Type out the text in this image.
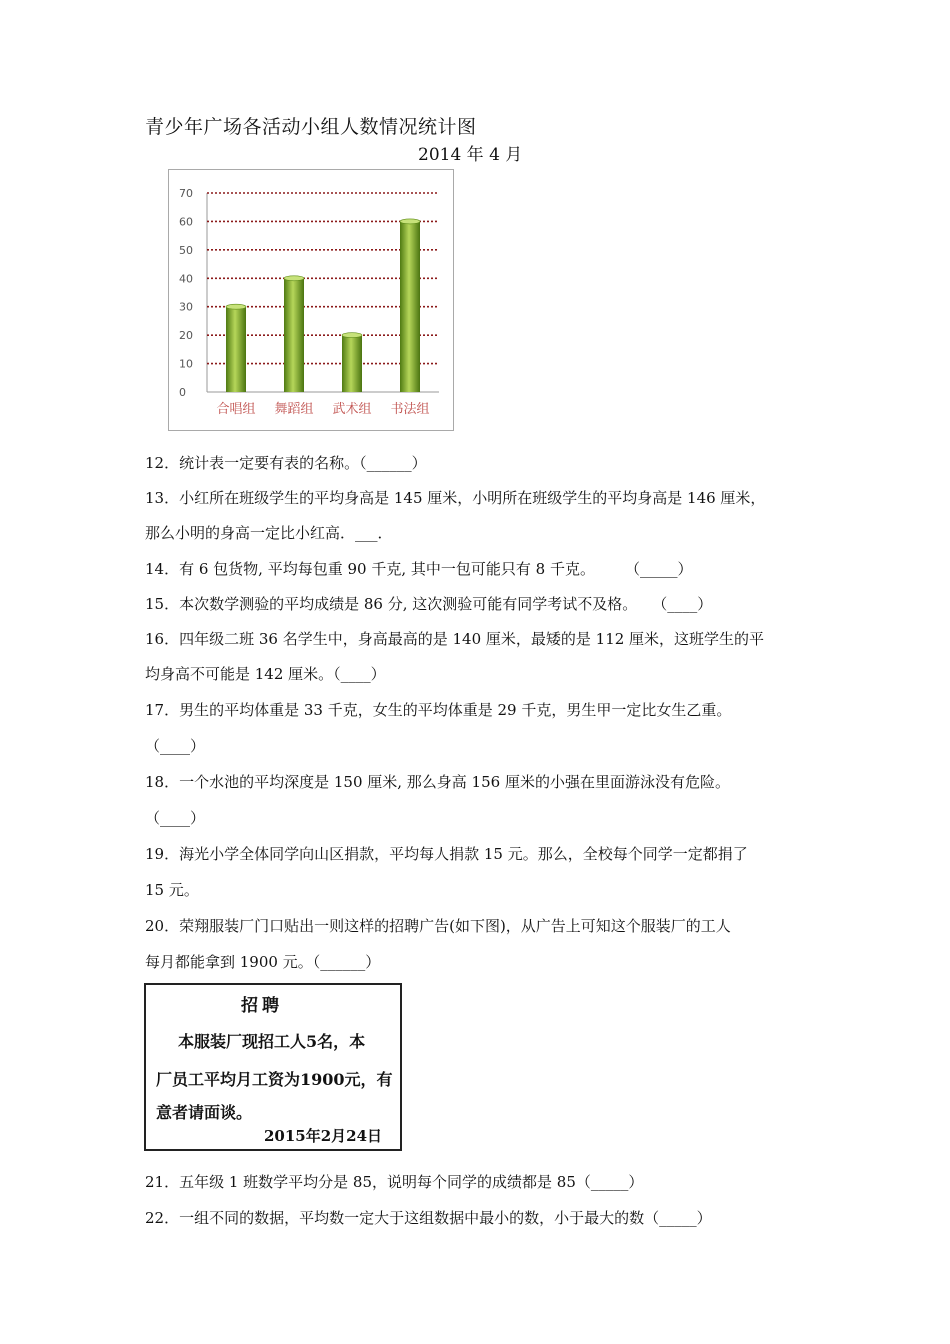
青少年广场各活动小组人数情况统计图
2014 年 4 月
0
10
20
30
40
50
60
70
合唱组 舞蹈组 武术组 书法组
12．统计表一定要有表的名称。（______）
13．小红所在班级学生的平均身高是 145 厘米，小明所在班级学生的平均身高是 146 厘米，
那么小明的身高一定比小红高．___．
14．有 6 包货物, 平均每包重 90 千克, 其中一包可能只有 8 千克。　　　（_____）
15．本次数学测验的平均成绩是 86 分, 这次测验可能有同学考试不及格。　　（____）
16．四年级二班 36 名学生中，身高最高的是 140 厘米，最矮的是 112 厘米，这班学生的平
均身高不可能是 142 厘米。（____）
17．男生的平均体重是 33 千克，女生的平均体重是 29 千克，男生甲一定比女生乙重。
（____）
18．一个水池的平均深度是 150 厘米, 那么身高 156 厘米的小强在里面游泳没有危险。
（____）
19．海光小学全体同学向山区捐款，平均每人捐款 15 元。那么，全校每个同学一定都捐了
15 元。
20．荣翔服装厂门口贴出一则这样的招聘广告(如下图)，从广告上可知这个服装厂的工人
每月都能拿到 1900 元。（______）
招聘
本服装厂现招工人5名，本
厂员工平均月工资为1900元，有
意者请面谈。
2015年2月24日
21．五年级 1 班数学平均分是 85，说明每个同学的成绩都是 85（_____）
22．一组不同的数据，平均数一定大于这组数据中最小的数，小于最大的数（_____）
